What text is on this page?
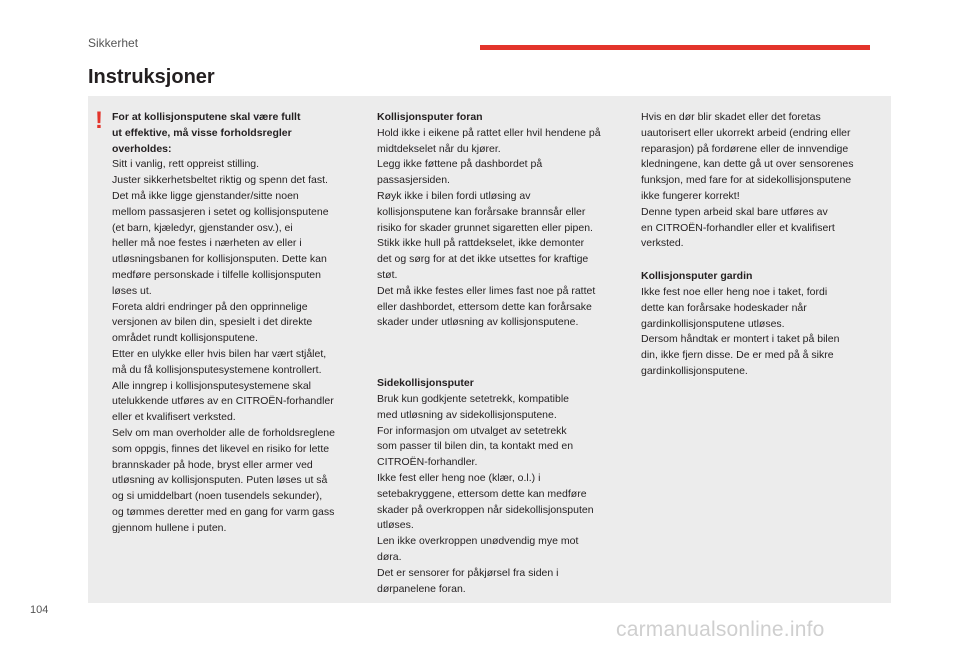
Sikkerhet
Instruksjoner
! For at kollisjonsputene skal være fullt

ut effektive, må visse forholdsregler

overholdes:

Sitt i vanlig, rett oppreist stilling.

Juster sikkerhetsbeltet riktig og spenn det fast.

Det må ikke ligge gjenstander/sitte noen

mellom passasjeren i setet og kollisjonsputene

(et barn, kjæledyr, gjenstander osv.), ei

heller må noe festes i nærheten av eller i

utløsningsbanen for kollisjonsputen. Dette kan

medføre personskade i tilfelle kollisjonsputen

løses ut.

Foreta aldri endringer på den opprinnelige

versjonen av bilen din, spesielt i det direkte

området rundt kollisjonsputene.

Etter en ulykke eller hvis bilen har vært stjålet,

må du få kollisjonsputesystemene kontrollert.

Alle inngrep i kollisjonsputesystemene skal

utelukkende utføres av en CITROËN-forhandler

eller et kvalifisert verksted.

Selv om man overholder alle de forholdsreglene

som oppgis, finnes det likevel en risiko for lette

brannskader på hode, bryst eller armer ved

utløsning av kollisjonsputen. Puten løses ut så

og si umiddelbart (noen tusendels sekunder),

og tømmes deretter med en gang for varm gass

gjennom hullene i puten.

Kollisjonsputer foran

Hold ikke i eikene på rattet eller hvil hendene på

midtdekselet når du kjører.

Legg ikke føttene på dashbordet på

passasjersiden.

Røyk ikke i bilen fordi utløsing av

kollisjonsputene kan forårsake brannsår eller

risiko for skader grunnet sigaretten eller pipen.

Stikk ikke hull på rattdekselet, ikke demonter

det og sørg for at det ikke utsettes for kraftige

støt.

Det må ikke festes eller limes fast noe på rattet

eller dashbordet, ettersom dette kan forårsake

skader under utløsning av kollisjonsputene.

Sidekollisjonsputer

Bruk kun godkjente setetrekk, kompatible

med utløsning av sidekollisjonsputene.

For informasjon om utvalget av setetrekk

som passer til bilen din, ta kontakt med en

CITROËN-forhandler.

Ikke fest eller heng noe (klær, o.l.) i

setebakryggene, ettersom dette kan medføre

skader på overkroppen når sidekollisjonsputen

utløses.

Len ikke overkroppen unødvendig mye mot

døra.

Det er sensorer for påkjørsel fra siden i

dørpanelene foran.

Hvis en dør blir skadet eller det foretas

uautorisert eller ukorrekt arbeid (endring eller

reparasjon) på fordørene eller de innvendige

kledningene, kan dette gå ut over sensorenes

funksjon, med fare for at sidekollisjonsputene

ikke fungerer korrekt!

Denne typen arbeid skal bare utføres av

en CITROËN-forhandler eller et kvalifisert

verksted.

Kollisjonsputer gardin

Ikke fest noe eller heng noe i taket, fordi

dette kan forårsake hodeskader når

gardinkollisjonsputene utløses.

Dersom håndtak er montert i taket på bilen

din, ikke fjern disse. De er med på å sikre

gardinkollisjonsputene.

104
carmanualsonline.info
